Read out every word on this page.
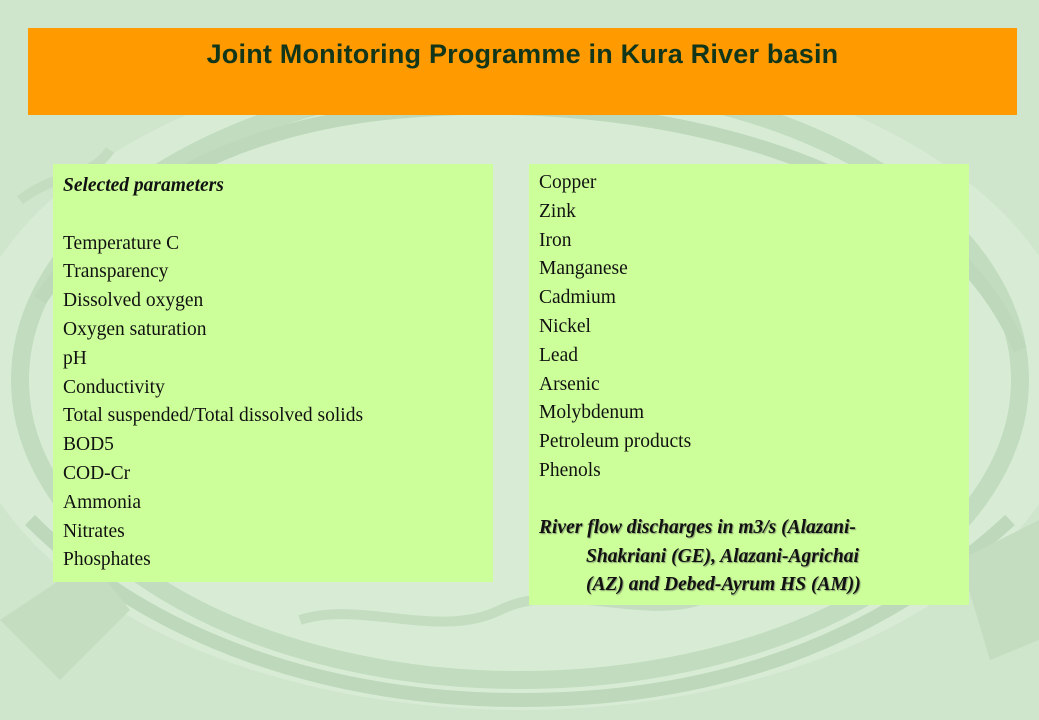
Joint Monitoring Programme in Kura River basin

Selected parameters

Temperature C

Transparency

Dissolved oxygen

Oxygen saturation

pH

Conductivity

Total suspended/Total dissolved solids

BOD5

COD-Cr

Ammonia

Nitrates

Phosphates

Copper

Zink

Iron

Manganese

Cadmium

Nickel

Lead

Arsenic

Molybdenum

Petroleum products

Phenols

River flow discharges in m3/s (Alazani-
Shakriani (GE), Alazani-Agrichai
(AZ) and Debed-Ayrum HS (AM))
